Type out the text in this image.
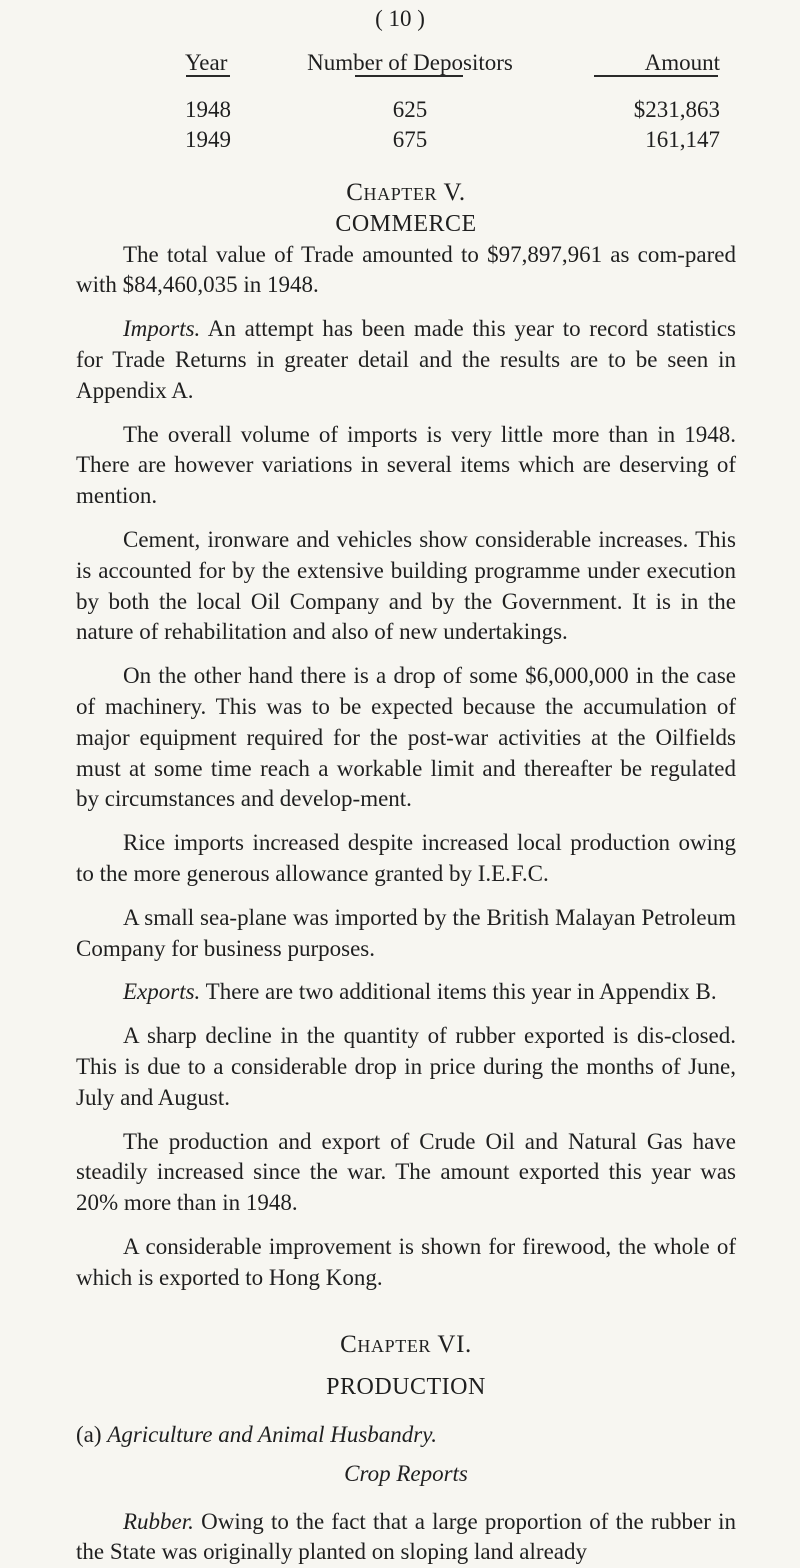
( 10 )
Year	Number of Depositors	Amount
1948	625	$231,863
1949	675	161,147
Chapter V.
COMMERCE

The total value of Trade amounted to $97,897,961 as com-pared with $84,460,035 in 1948.

Imports. An attempt has been made this year to record statistics for Trade Returns in greater detail and the results are to be seen in Appendix A.

The overall volume of imports is very little more than in 1948. There are however variations in several items which are deserving of mention.

Cement, ironware and vehicles show considerable increases. This is accounted for by the extensive building programme under execution by both the local Oil Company and by the Government. It is in the nature of rehabilitation and also of new undertakings.

On the other hand there is a drop of some $6,000,000 in the case of machinery. This was to be expected because the accumulation of major equipment required for the post-war activities at the Oilfields must at some time reach a workable limit and thereafter be regulated by circumstances and develop-ment.

Rice imports increased despite increased local production owing to the more generous allowance granted by I.E.F.C.

A small sea-plane was imported by the British Malayan Petroleum Company for business purposes.

Exports. There are two additional items this year in Appendix B.

A sharp decline in the quantity of rubber exported is dis-closed. This is due to a considerable drop in price during the months of June, July and August.

The production and export of Crude Oil and Natural Gas have steadily increased since the war. The amount exported this year was 20% more than in 1948.

A considerable improvement is shown for firewood, the whole of which is exported to Hong Kong.

Chapter VI.
PRODUCTION
(a) Agriculture and Animal Husbandry.
Crop Reports

Rubber. Owing to the fact that a large proportion of the rubber in the State was originally planted on sloping land already
